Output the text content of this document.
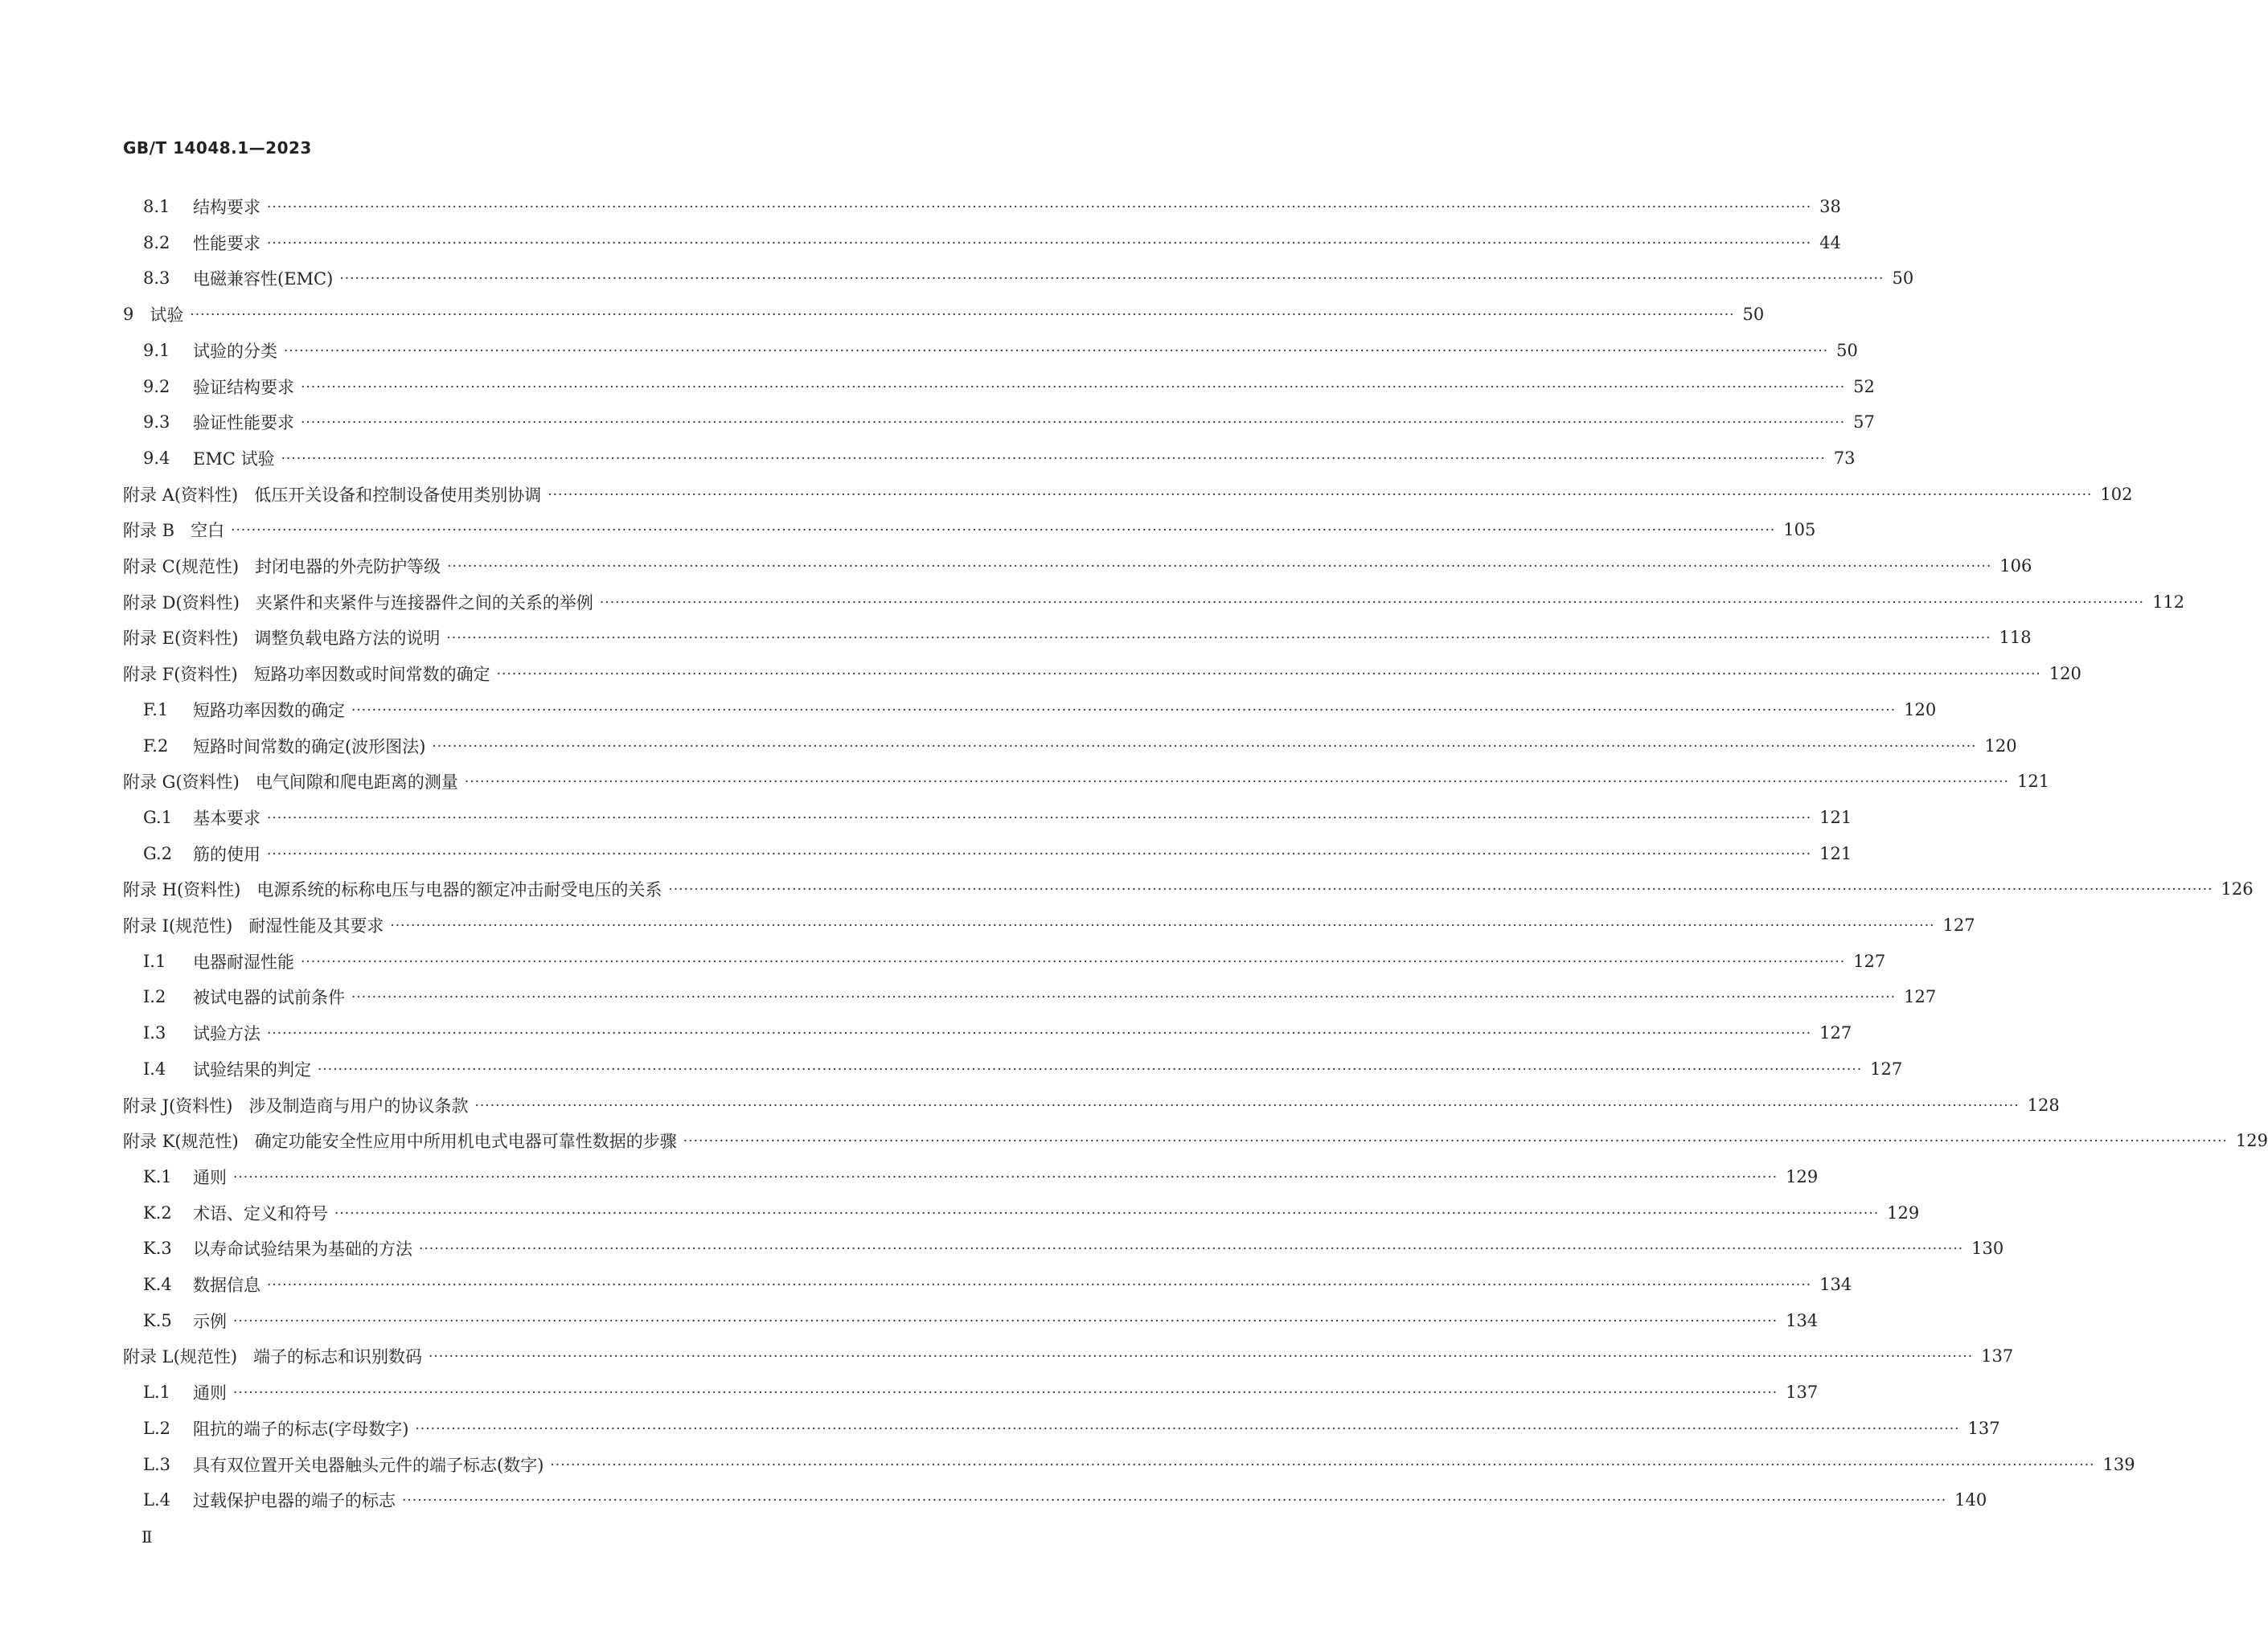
GB/T 14048.1—2023
8.1	结构要求 ············································································································································································································································································································ 38
8.2	性能要求 ············································································································································································································································································································ 44
8.3	电磁兼容性(EMC) ············································································································································································································································································································ 50
9 试验 ············································································································································································································································································································ 50
9.1	试验的分类 ············································································································································································································································································································ 50
9.2	验证结构要求 ············································································································································································································································································································ 52
9.3	验证性能要求 ············································································································································································································································································································ 57
9.4	EMC 试验 ············································································································································································································································································································ 73
附录 A(资料性) 低压开关设备和控制设备使用类别协调 ············································································································································································································································································································ 102
附录 B 空白 ············································································································································································································································································································ 105
附录 C(规范性) 封闭电器的外壳防护等级 ············································································································································································································································································································ 106
附录 D(资料性) 夹紧件和夹紧件与连接器件之间的关系的举例 ············································································································································································································································································································ 112
附录 E(资料性) 调整负载电路方法的说明 ············································································································································································································································································································ 118
附录 F(资料性) 短路功率因数或时间常数的确定 ············································································································································································································································································································ 120
F.1	短路功率因数的确定 ············································································································································································································································································································ 120
F.2	短路时间常数的确定(波形图法) ············································································································································································································································································································ 120
附录 G(资料性) 电气间隙和爬电距离的测量 ············································································································································································································································································································ 121
G.1 基本要求 ············································································································································································································································································································ 121
G.2 筋的使用 ············································································································································································································································································································ 121
附录 H(资料性) 电源系统的标称电压与电器的额定冲击耐受电压的关系 ············································································································································································································································································································ 126
附录 I(规范性) 耐湿性能及其要求 ············································································································································································································································································································ 127
I.1	电器耐湿性能 ············································································································································································································································································································ 127
I.2	被试电器的试前条件 ············································································································································································································································································································ 127
I.3	试验方法 ············································································································································································································································································································ 127
I.4	试验结果的判定 ············································································································································································································································································································ 127
附录 J(资料性) 涉及制造商与用户的协议条款 ············································································································································································································································································································ 128
附录 K(规范性) 确定功能安全性应用中所用机电式电器可靠性数据的步骤 ············································································································································································································································································································ 129
K.1 通则 ············································································································································································································································································································ 129
K.2 术语、定义和符号 ············································································································································································································································································································ 129
K.3 以寿命试验结果为基础的方法 ············································································································································································································································································································ 130
K.4 数据信息 ············································································································································································································································································································ 134
K.5 示例 ············································································································································································································································································································ 134
附录 L(规范性) 端子的标志和识别数码 ············································································································································································································································································································ 137
L.1 通则 ············································································································································································································································································································ 137
L.2 阻抗的端子的标志(字母数字) ············································································································································································································································································································ 137
L.3 具有双位置开关电器触头元件的端子标志(数字) ············································································································································································································································································································ 139
L.4 过载保护电器的端子的标志 ············································································································································································································································································································ 140
Ⅱ
